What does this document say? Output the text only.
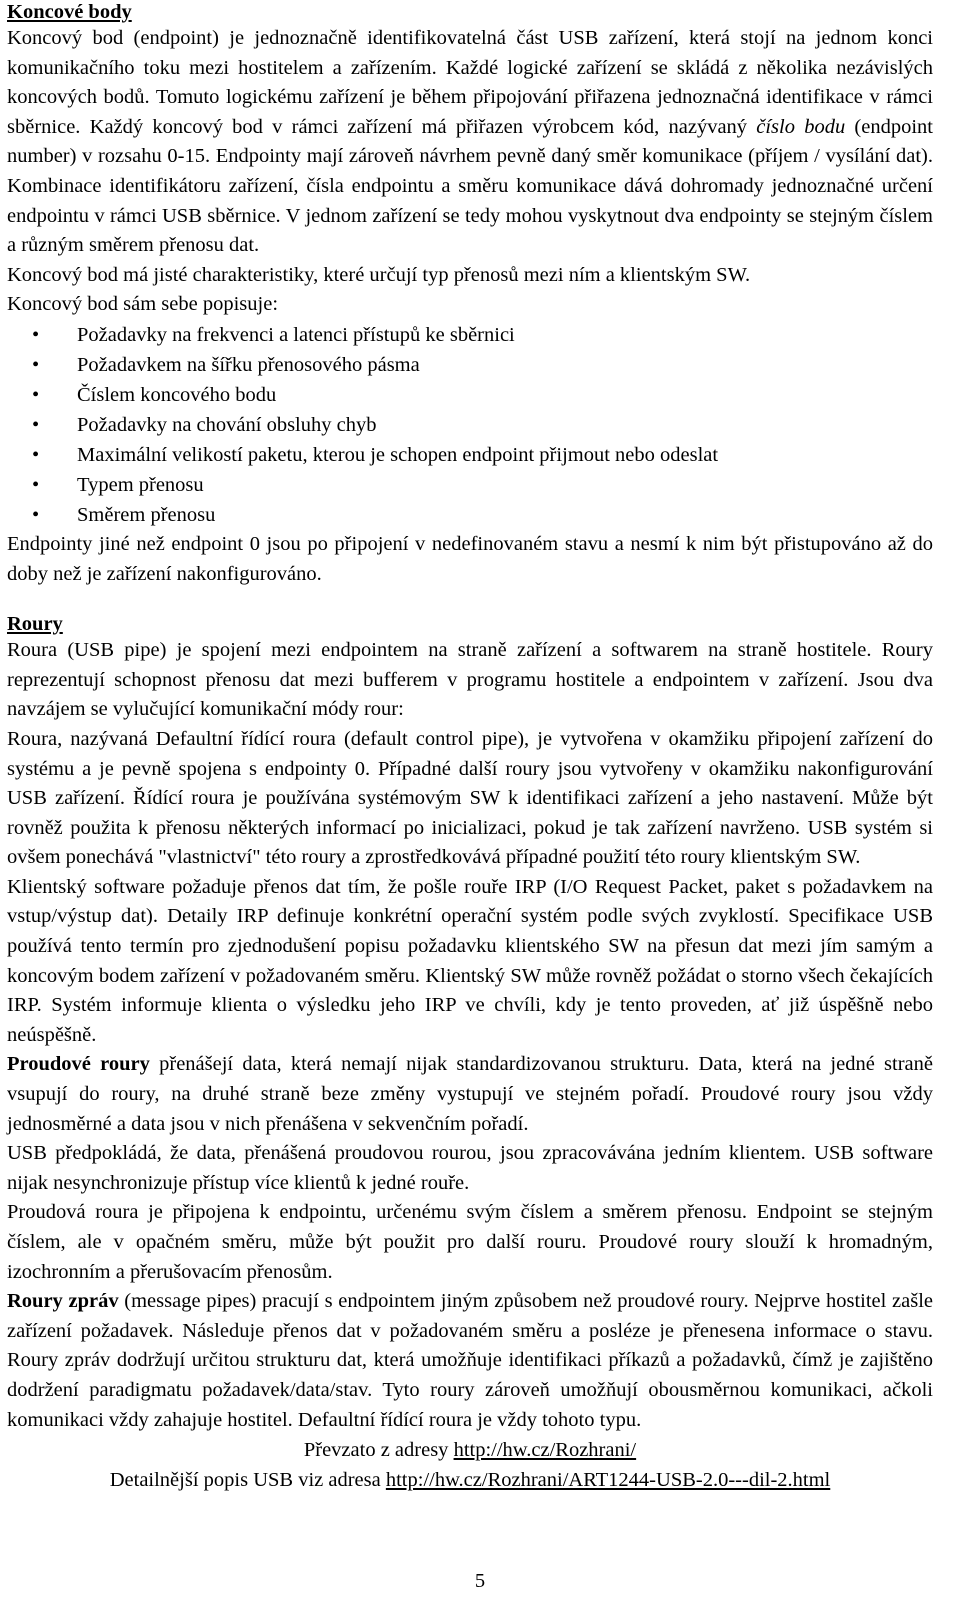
Koncové body

Koncový bod (endpoint) je jednoznačně identifikovatelná část USB zařízení, která stojí na jednom konci komunikačního toku mezi hostitelem a zařízením. Každé logické zařízení se skládá z několika nezávislých koncových bodů. Tomuto logickému zařízení je během připojování přiřazena jednoznačná identifikace v rámci sběrnice. Každý koncový bod v rámci zařízení má přiřazen výrobcem kód, nazývaný číslo bodu (endpoint number) v rozsahu 0-15. Endpointy mají zároveň návrhem pevně daný směr komunikace (příjem / vysílání dat). Kombinace identifikátoru zařízení, čísla endpointu a směru komunikace dává dohromady jednoznačné určení endpointu v rámci USB sběrnice. V jednom zařízení se tedy mohou vyskytnout dva endpointy se stejným číslem a různým směrem přenosu dat.

Koncový bod má jisté charakteristiky, které určují typ přenosů mezi ním a klientským SW.

Koncový bod sám sebe popisuje:

• Požadavky na frekvenci a latenci přístupů ke sběrnici
• Požadavkem na šířku přenosového pásma
• Číslem koncového bodu
• Požadavky na chování obsluhy chyb
• Maximální velikostí paketu, kterou je schopen endpoint přijmout nebo odeslat
• Typem přenosu
• Směrem přenosu

Endpointy jiné než endpoint 0 jsou po připojení v nedefinovaném stavu a nesmí k nim být přistupováno až do doby než je zařízení nakonfigurováno.

Roury

Roura (USB pipe) je spojení mezi endpointem na straně zařízení a softwarem na straně hostitele. Roury reprezentují schopnost přenosu dat mezi bufferem v programu hostitele a endpointem v zařízení. Jsou dva navzájem se vylučující komunikační módy rour:

Roura, nazývaná Defaultní řídící roura (default control pipe), je vytvořena v okamžiku připojení zařízení do systému a je pevně spojena s endpointy 0. Případné další roury jsou vytvořeny v okamžiku nakonfigurování USB zařízení. Řídící roura je používána systémovým SW k identifikaci zařízení a jeho nastavení. Může být rovněž použita k přenosu některých informací po inicializaci, pokud je tak zařízení navrženo. USB systém si ovšem ponechává "vlastnictví" této roury a zprostředkovává případné použití této roury klientským SW.

Klientský software požaduje přenos dat tím, že pošle rouře IRP (I/O Request Packet, paket s požadavkem na vstup/výstup dat). Detaily IRP definuje konkrétní operační systém podle svých zvyklostí. Specifikace USB používá tento termín pro zjednodušení popisu požadavku klientského SW na přesun dat mezi jím samým a koncovým bodem zařízení v požadovaném směru. Klientský SW může rovněž požádat o storno všech čekajících IRP. Systém informuje klienta o výsledku jeho IRP ve chvíli, kdy je tento proveden, ať již úspěšně nebo neúspěšně.

Proudové roury přenášejí data, která nemají nijak standardizovanou strukturu. Data, která na jedné straně vsupují do roury, na druhé straně beze změny vystupují ve stejném pořadí. Proudové roury jsou vždy jednosměrné a data jsou v nich přenášena v sekvenčním pořadí.

USB předpokládá, že data, přenášená proudovou rourou, jsou zpracovávána jedním klientem. USB software nijak nesynchronizuje přístup více klientů k jedné rouře.

Proudová roura je připojena k endpointu, určenému svým číslem a směrem přenosu. Endpoint se stejným číslem, ale v opačném směru, může být použit pro další rouru. Proudové roury slouží k hromadným, izochronním a přerušovacím přenosům.

Roury zpráv (message pipes) pracují s endpointem jiným způsobem než proudové roury. Nejprve hostitel zašle zařízení požadavek. Následuje přenos dat v požadovaném směru a posléze je přenesena informace o stavu. Roury zpráv dodržují určitou strukturu dat, která umožňuje identifikaci příkazů a požadavků, čímž je zajištěno dodržení paradigmatu požadavek/data/stav. Tyto roury zároveň umožňují obousměrnou komunikaci, ačkoli komunikaci vždy zahajuje hostitel. Defaultní řídící roura je vždy tohoto typu.

Převzato z adresy http://hw.cz/Rozhrani/

Detailnější popis USB viz adresa http://hw.cz/Rozhrani/ART1244-USB-2.0---dil-2.html

5
